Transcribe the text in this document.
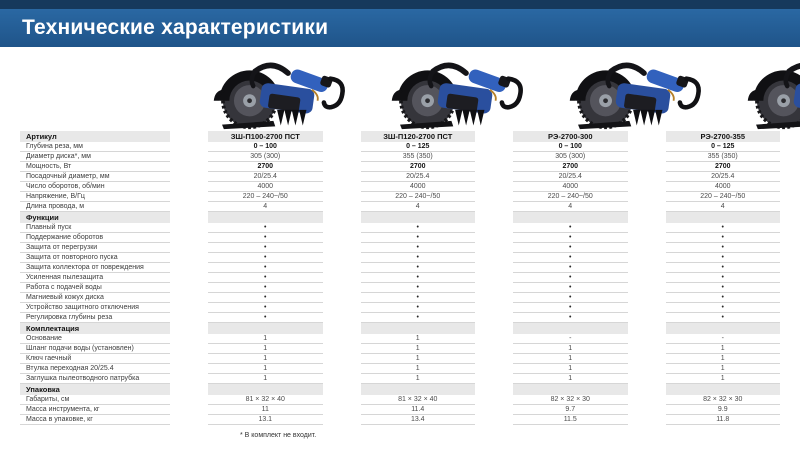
Технические характеристики
Артикул	ЗШ-П100-2700 ПСТ	ЗШ-П120-2700 ПСТ	РЭ-2700-300	РЭ-2700-355
Глубина реза, мм	0 – 100	0 – 125	0 – 100	0 – 125
Диаметр диска*, мм	305 (300)	355 (350)	305 (300)	355 (350)
Мощность, Вт	2700	2700	2700	2700
Посадочный диаметр, мм	20/25.4	20/25.4	20/25.4	20/25.4
Число оборотов, об/мин	4000	4000	4000	4000
Напряжение, В/Гц	220 – 240~/50	220 – 240~/50	220 – 240~/50	220 – 240~/50
Длина провода, м	4	4	4	4
Функции
Плавный пуск	•	•	•	•
Поддержание оборотов	•	•	•	•
Защита от перегрузки	•	•	•	•
Защита от повторного пуска	•	•	•	•
Защита коллектора от повреждения	•	•	•	•
Усиленная пылезащита	•	•	•	•
Работа с подачей воды	•	•	•	•
Магниевый кожух диска	•	•	•	•
Устройство защитного отключения	•	•	•	•
Регулировка глубины реза	•	•	•	•
Комплектация
Основание	1	1	-	-
Шланг подачи воды (установлен)	1	1	1	1
Ключ гаечный	1	1	1	1
Втулка переходная 20/25.4	1	1	1	1
Заглушка пылеотводного патрубка	1	1	1	1
Упаковка
Габариты, см	81 × 32 × 40	81 × 32 × 40	82 × 32 × 30	82 × 32 × 30
Масса инструмента, кг	11	11.4	9.7	9.9
Масса в упаковке, кг	13.1	13.4	11.5	11.8
* В комплект не входит.
